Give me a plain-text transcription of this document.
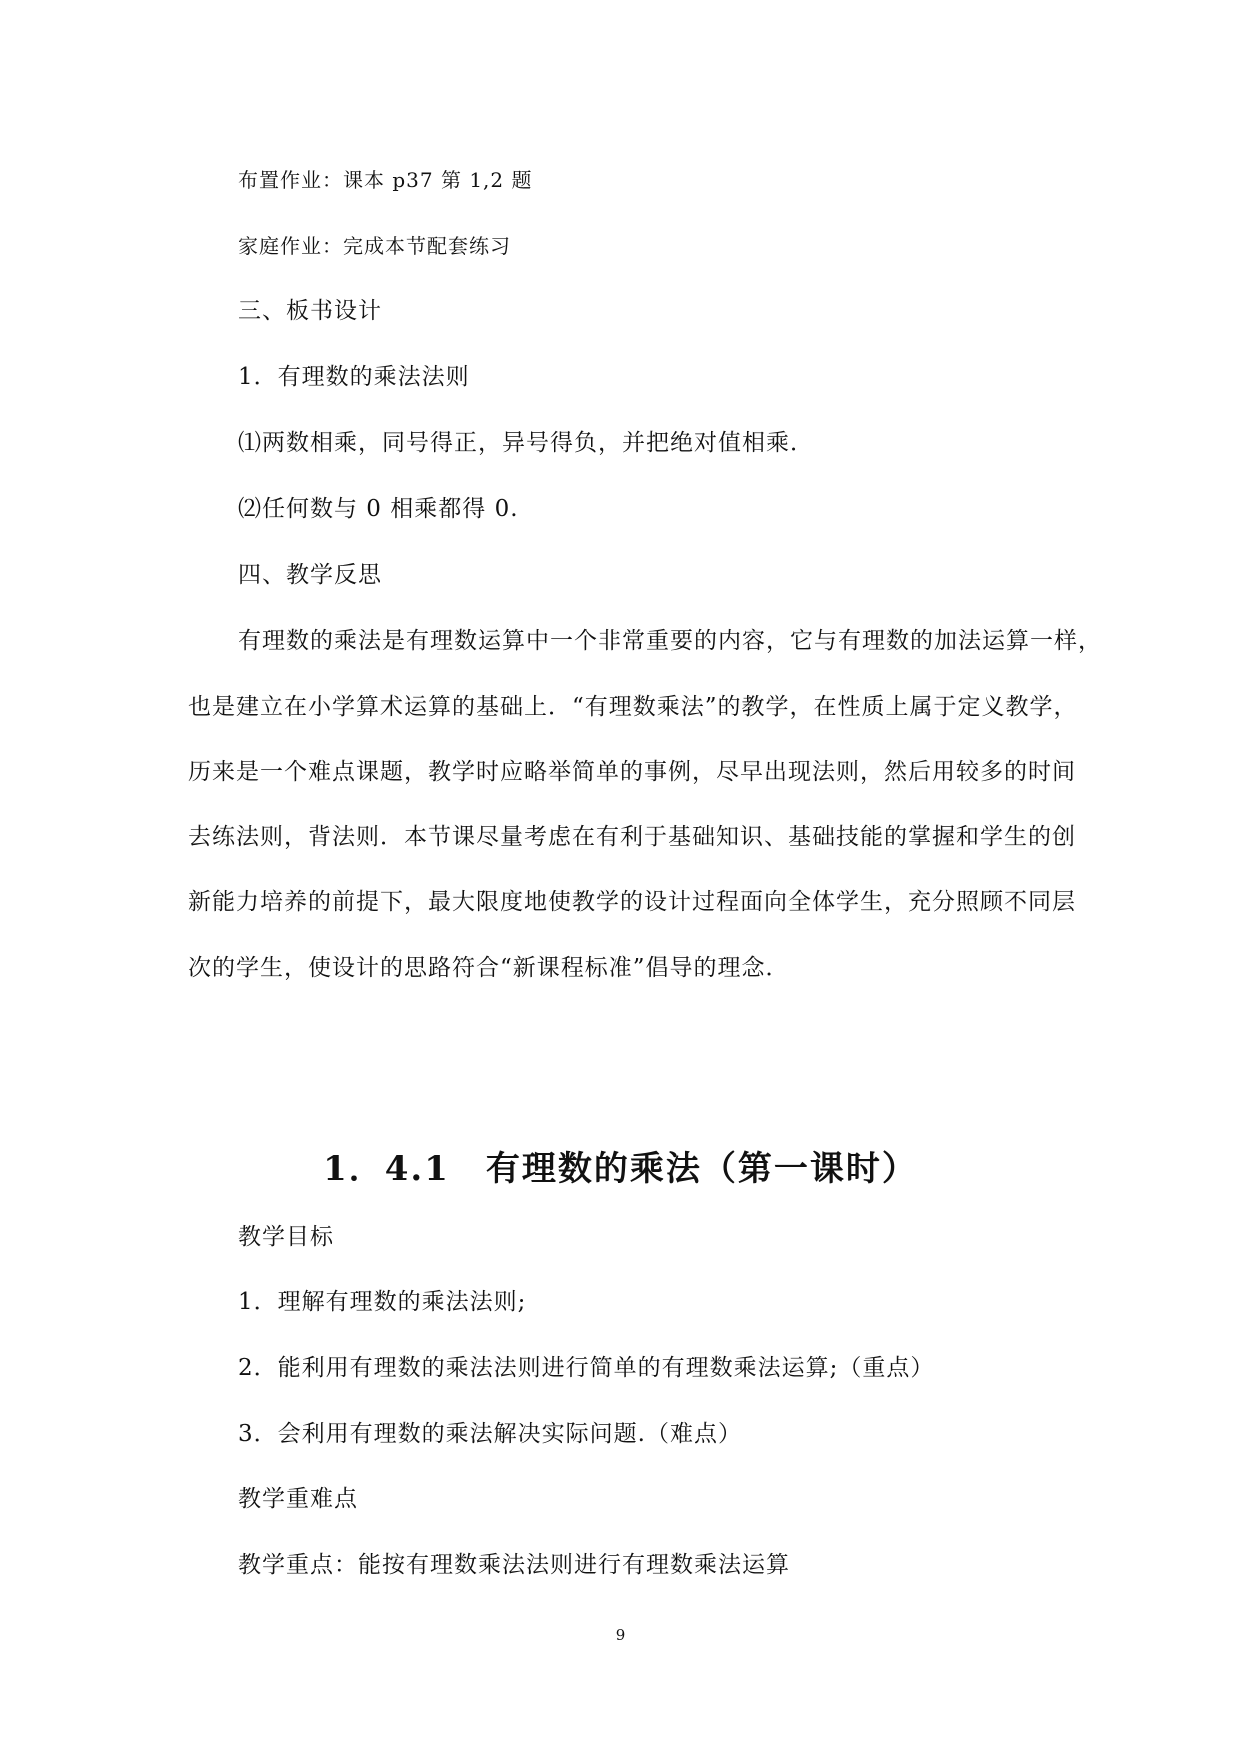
布置作业：课本 p37 第 1,2 题

家庭作业：完成本节配套练习

三、板书设计

1．有理数的乘法法则

⑴两数相乘，同号得正，异号得负，并把绝对值相乘．

⑵任何数与 0 相乘都得 0.

四、教学反思

有理数的乘法是有理数运算中一个非常重要的内容，它与有理数的加法运算一样，

也是建立在小学算术运算的基础上．“有理数乘法”的教学，在性质上属于定义教学，

历来是一个难点课题，教学时应略举简单的事例，尽早出现法则，然后用较多的时间

去练法则，背法则．本节课尽量考虑在有利于基础知识、基础技能的掌握和学生的创

新能力培养的前提下，最大限度地使教学的设计过程面向全体学生，充分照顾不同层

次的学生，使设计的思路符合“新课程标准”倡导的理念．

1．4.1　有理数的乘法（第一课时）

教学目标

1．理解有理数的乘法法则;

2．能利用有理数的乘法法则进行简单的有理数乘法运算;（重点）

3．会利用有理数的乘法解决实际问题.（难点）

教学重难点

教学重点：能按有理数乘法法则进行有理数乘法运算

9
